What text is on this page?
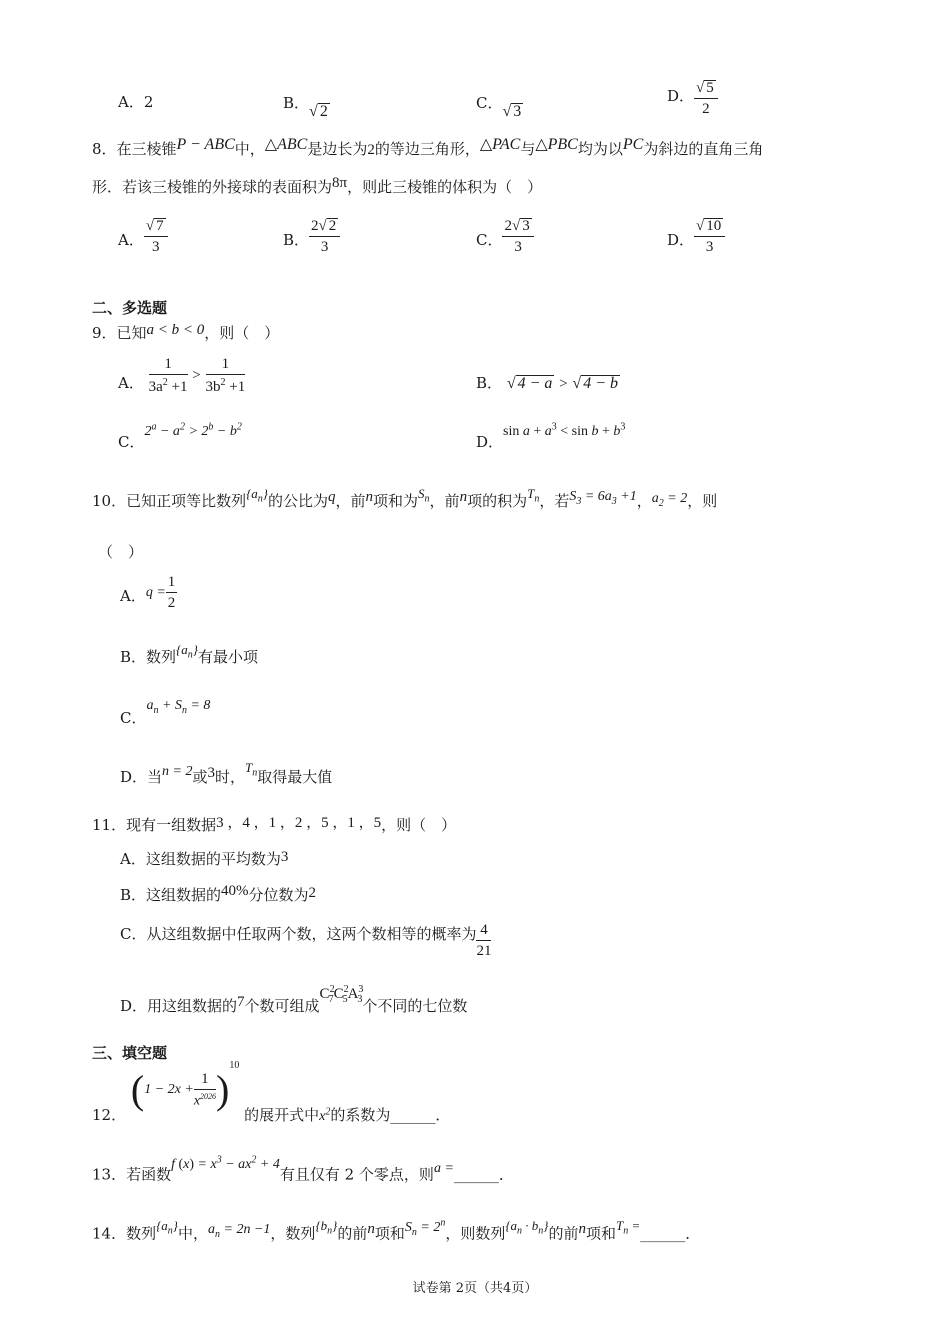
A．2	B．√ 2	C．√ 3
D． $\frac{√ 5}{2}$
8．在三棱锥P − ABC中，△ABC是边长为2的等边三角形，△PAC与△PBC均为以PC为斜边的直角三角
形．若该三棱锥的外接球的表面积为8π，则此三棱锥的体积为（　）
A． $\frac{√ 7}{3}$	B． $\frac{2√ 2}{3}$	C． $\frac{2√ 3}{3}$	D． $\frac{√ 10}{3}$
二、多选题
9．已知a < b < 0，则（　）
A． $\frac{1}{3a^2 +1} > \frac{1}{3b^2 +1}$	B． √ 4 − a > √ 4 − b
C．$2^a - a^2 > 2^b - b^2$
D．$\sin a + a^3 < \sin b + b^3$
10．已知正项等比数列$\{a_n\}$的公比为q，前n项和为$S_n$，前n项的积为$T_n$，若$S_3 = 6a_3 +1$，$a_2 = 2$，则
（　）
A．$q = \frac{1}{2}$
B．数列$\{a_n\}$有最小项
C．$a_n + S_n = 8$
D．当n = 2或3时，$T_n$取得最大值
11．现有一组数据3 ，4 ，1 ，2 ，5 ，1 ，5，则（　）
A．这组数据的平均数为3
B．这组数据的40%分位数为2
C．从这组数据中任取两个数，这两个数相等的概率为 $\frac{4}{21}$
D．用这组数据的7个数可组成$C^2_7C^2_5A^3_3$个不同的七位数
三、填空题
12． $(1 - 2x + \frac{1}{x^{2026}} )^{10}$ 的展开式中$x^2$的系数为______．
13．若函数f $(x) = x^3 - ax^2 + 4$有且仅有 2 个零点，则a =______．
14．数列$\{a_n\}$中，$a_n = 2n -1$，数列$\{b_n\}$的前n项和$S_n = 2^n$，则数列$\{a_n \cdot b_n\}$的前n项和$T_n$ =______．
试卷第 2页（共4页）
